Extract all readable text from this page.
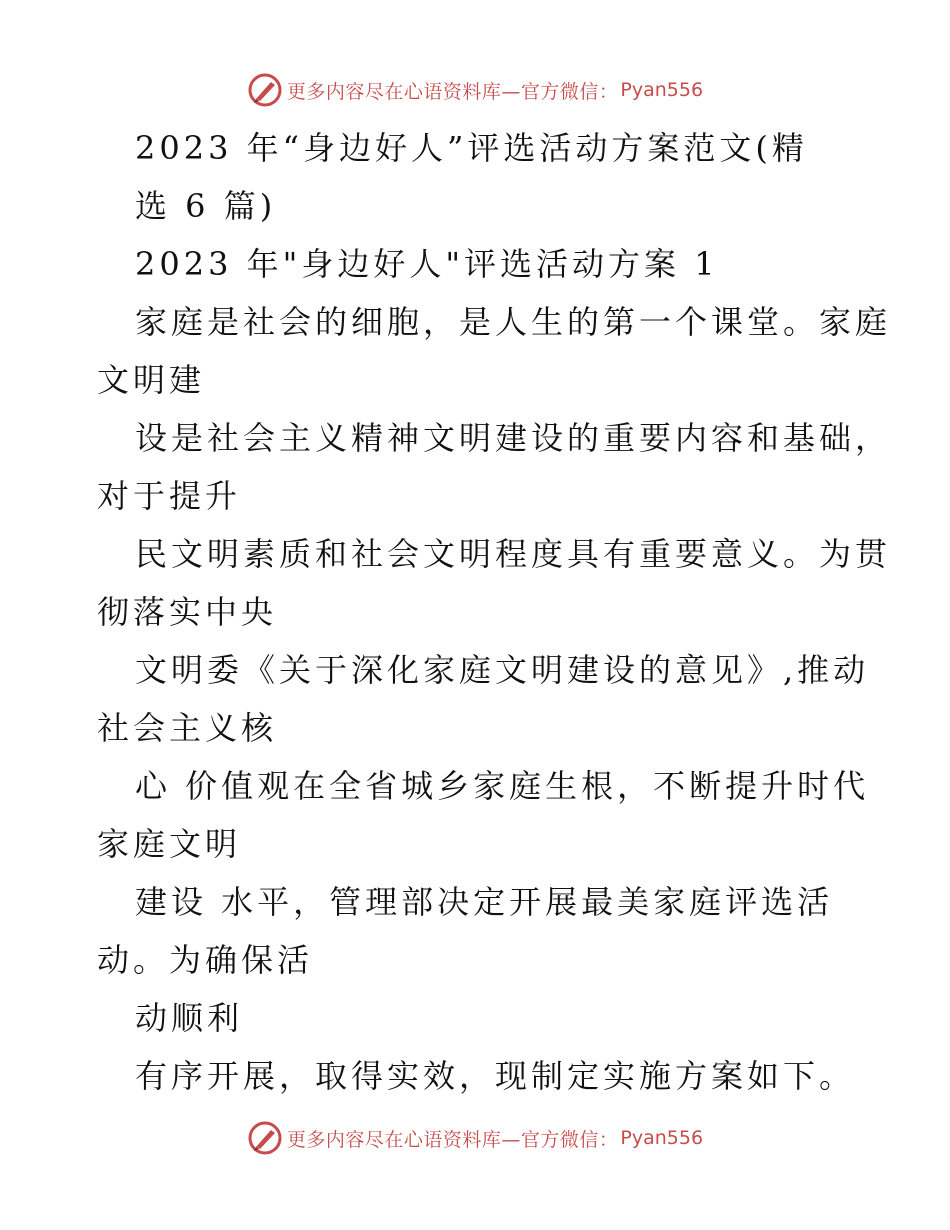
更多内容尽在心语资料库—官方微信： Pyan556
2023 年“身边好人”评选活动方案范文(精
选 6 篇)
2023 年"身边好人"评选活动方案 1
家庭是社会的细胞，是人生的第一个课堂。家庭
文明建
设是社会主义精神文明建设的重要内容和基础，
对于提升
民文明素质和社会文明程度具有重要意义。为贯
彻落实中央
文明委《关于深化家庭文明建设的意见》,推动
社会主义核
心 价值观在全省城乡家庭生根，不断提升时代
家庭文明
建设 水平，管理部决定开展最美家庭评选活
动。为确保活
动顺利
有序开展，取得实效，现制定实施方案如下。
更多内容尽在心语资料库—官方微信： Pyan556
